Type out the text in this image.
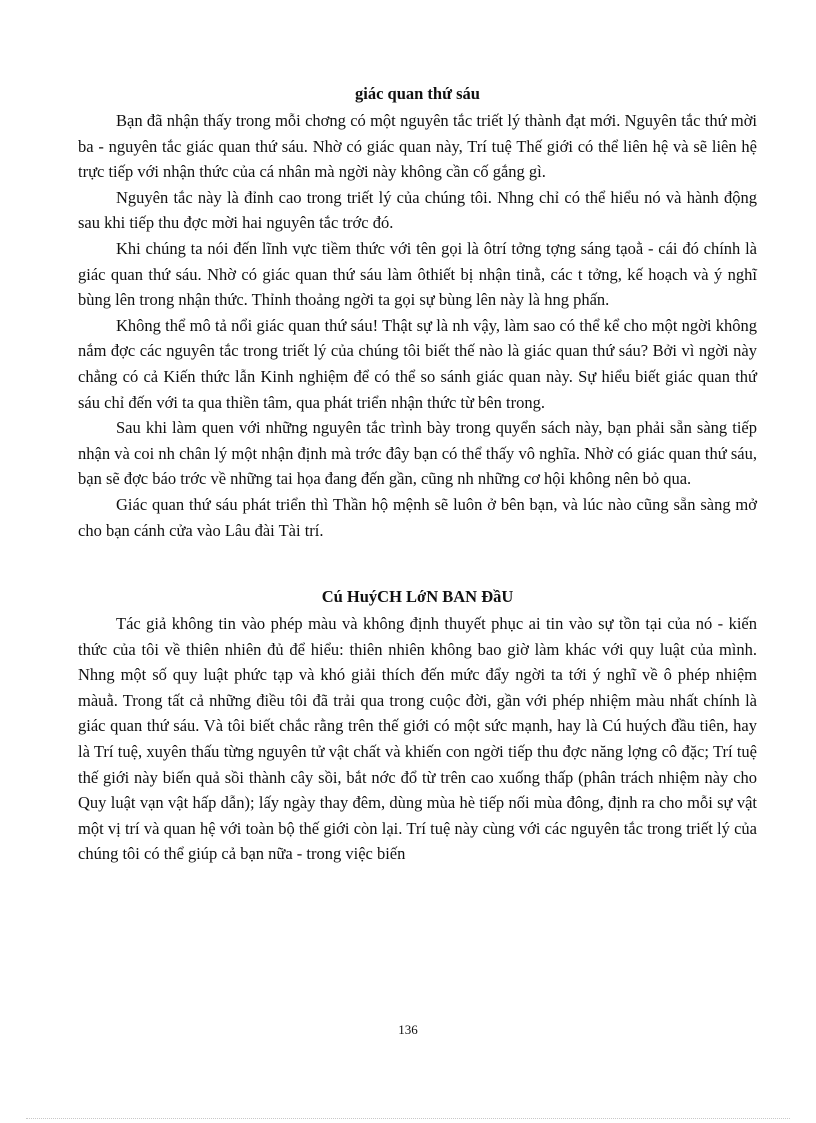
giác quan thứ sáu

Bạn đã nhận thấy trong mỗi chơng có một nguyên tắc triết lý thành đạt mới. Nguyên tắc thứ mời ba - nguyên tắc giác quan thứ sáu. Nhờ có giác quan này, Trí tuệ Thế giới có thể liên hệ và sẽ liên hệ trực tiếp với nhận thức của cá nhân mà ngời này không cần cố gắng gì.

Nguyên tắc này là đỉnh cao trong triết lý của chúng tôi. Nhng chỉ có thể hiểu nó và hành động sau khi tiếp thu đợc mời hai nguyên tắc trớc đó.

Khi chúng ta nói đến lĩnh vực tiềm thức với tên gọi là ôtrí tởng tợng sáng tạoằ - cái đó chính là giác quan thứ sáu. Nhờ có giác quan thứ sáu làm ôthiết bị nhận tinằ, các t tởng, kế hoạch và ý nghĩ bùng lên trong nhận thức. Thỉnh thoảng ngời ta gọi sự bùng lên này là hng phấn.

Không thể mô tả nổi giác quan thứ sáu! Thật sự là nh vậy, làm sao có thể kể cho một ngời không nắm đợc các nguyên tắc trong triết lý của chúng tôi biết thế nào là giác quan thứ sáu? Bởi vì ngời này chẳng có cả Kiến thức lẫn Kinh nghiệm để có thể so sánh giác quan này. Sự hiểu biết giác quan thứ sáu chỉ đến với ta qua thiền tâm, qua phát triển nhận thức từ bên trong.

Sau khi làm quen với những nguyên tắc trình bày trong quyển sách này, bạn phải sẵn sàng tiếp nhận và coi nh chân lý một nhận định mà trớc đây bạn có thể thấy vô nghĩa. Nhờ có giác quan thứ sáu, bạn sẽ đợc báo trớc về những tai họa đang đến gần, cũng nh những cơ hội không nên bỏ qua.

Giác quan thứ sáu phát triển thì Thần hộ mệnh sẽ luôn ở bên bạn, và lúc nào cũng sẵn sàng mở cho bạn cánh cửa vào Lâu đài Tài trí.

Cú HuýCH LớN BAN ĐầU

Tác giả không tin vào phép màu và không định thuyết phục ai tin vào sự tồn tại của nó - kiến thức của tôi về thiên nhiên đủ để hiểu: thiên nhiên không bao giờ làm khác với quy luật của mình. Nhng một số quy luật phức tạp và khó giải thích đến mức đẩy ngời ta tới ý nghĩ về ô phép nhiệm màuằ. Trong tất cả những điều tôi đã trải qua trong cuộc đời, gần với phép nhiệm màu nhất chính là giác quan thứ sáu. Và tôi biết chắc rằng trên thế giới có một sức mạnh, hay là Cú huých đầu tiên, hay là Trí tuệ, xuyên thấu từng nguyên tử vật chất và khiến con ngời tiếp thu đợc năng lợng cô đặc; Trí tuệ thế giới này biến quả sồi thành cây sồi, bắt nớc đổ từ trên cao xuống thấp (phân trách nhiệm này cho Quy luật vạn vật hấp dẫn); lấy ngày thay đêm, dùng mùa hè tiếp nối mùa đông, định ra cho mỗi sự vật một vị trí và quan hệ với toàn bộ thế giới còn lại. Trí tuệ này cùng với các nguyên tắc trong triết lý của chúng tôi có thể giúp cả bạn nữa - trong việc biến

136
